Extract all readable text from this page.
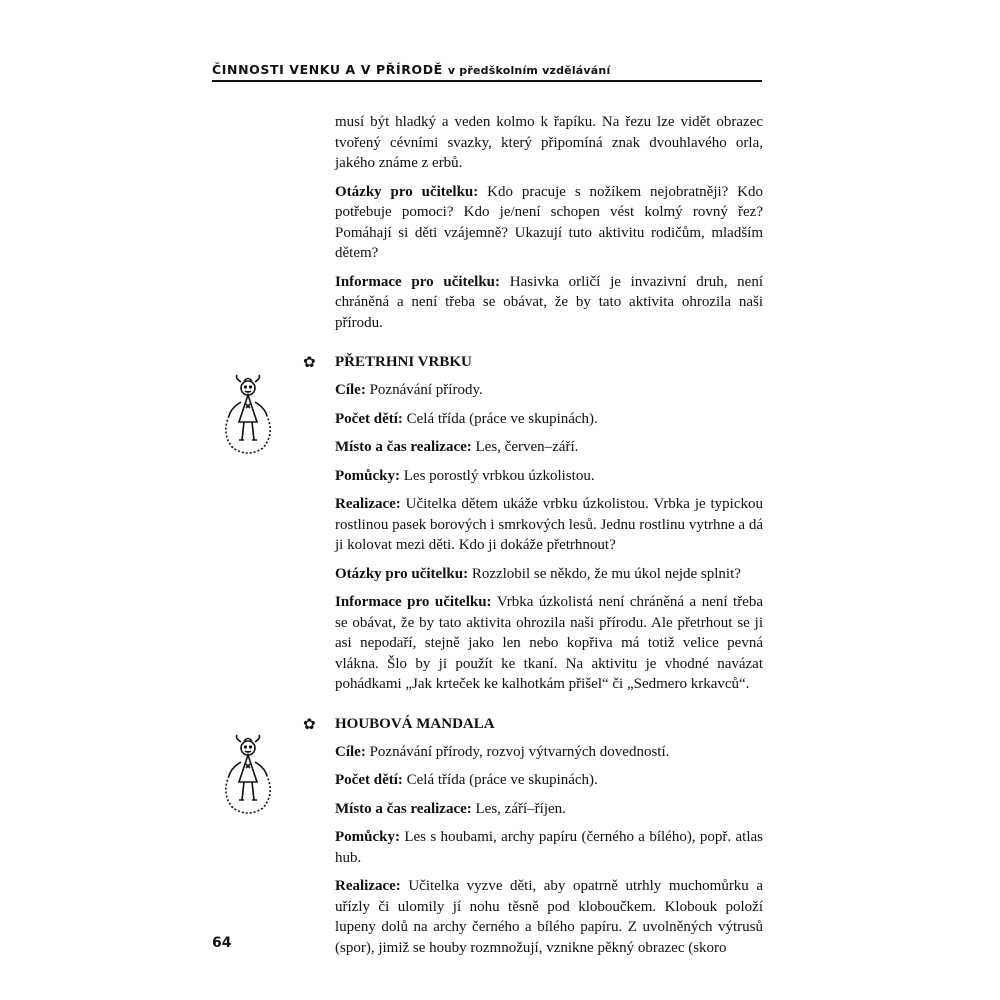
ČINNOSTI VENKU A V PŘÍRODĚ v předškolním vzdělávání

musí být hladký a veden kolmo k řapíku. Na řezu lze vidět obrazec tvořený cévními svazky, který připomíná znak dvouhlavého orla, jakého známe z erbů.

Otázky pro učitelku: Kdo pracuje s nožíkem nejobratněji? Kdo potřebuje pomoci? Kdo je/není schopen vést kolmý rovný řez? Pomáhají si děti vzájemně? Ukazují tuto aktivitu rodičům, mladším dětem?

Informace pro učitelku: Hasivka orličí je invazivní druh, není chráněná a není třeba se obávat, že by tato aktivita ohrozila naši přírodu.

✿ PŘETRHNI VRBKU

Cíle: Poznávání přírody.

Počet dětí: Celá třída (práce ve skupinách).

Místo a čas realizace: Les, červen–září.

Pomůcky: Les porostlý vrbkou úzkolistou.

Realizace: Učitelka dětem ukáže vrbku úzkolistou. Vrbka je typickou rostlinou pasek borových i smrkových lesů. Jednu rostlinu vytrhne a dá ji kolovat mezi děti. Kdo ji dokáže přetrhnout?

Otázky pro učitelku: Rozzlobil se někdo, že mu úkol nejde splnit?

Informace pro učitelku: Vrbka úzkolistá není chráněná a není třeba se obávat, že by tato aktivita ohrozila naši přírodu. Ale přetrhout se ji asi nepodaří, stejně jako len nebo kopřiva má totiž velice pevná vlákna. Šlo by ji použít ke tkaní. Na aktivitu je vhodné navázat pohádkami „Jak krteček ke kalhotkám přišel“ či „Sedmero krkavců“.

✿ HOUBOVÁ MANDALA

Cíle: Poznávání přírody, rozvoj výtvarných dovedností.

Počet dětí: Celá třída (práce ve skupinách).

Místo a čas realizace: Les, září–říjen.

Pomůcky: Les s houbami, archy papíru (černého a bílého), popř. atlas hub.

Realizace: Učitelka vyzve děti, aby opatrně utrhly muchomůrku a uřízly či ulomily jí nohu těsně pod kloboučkem. Klobouk položí lupeny dolů na archy černého a bílého papíru. Z uvolněných výtrusů (spor), jimiž se houby rozmnožují, vznikne pěkný obrazec (skoro

64
